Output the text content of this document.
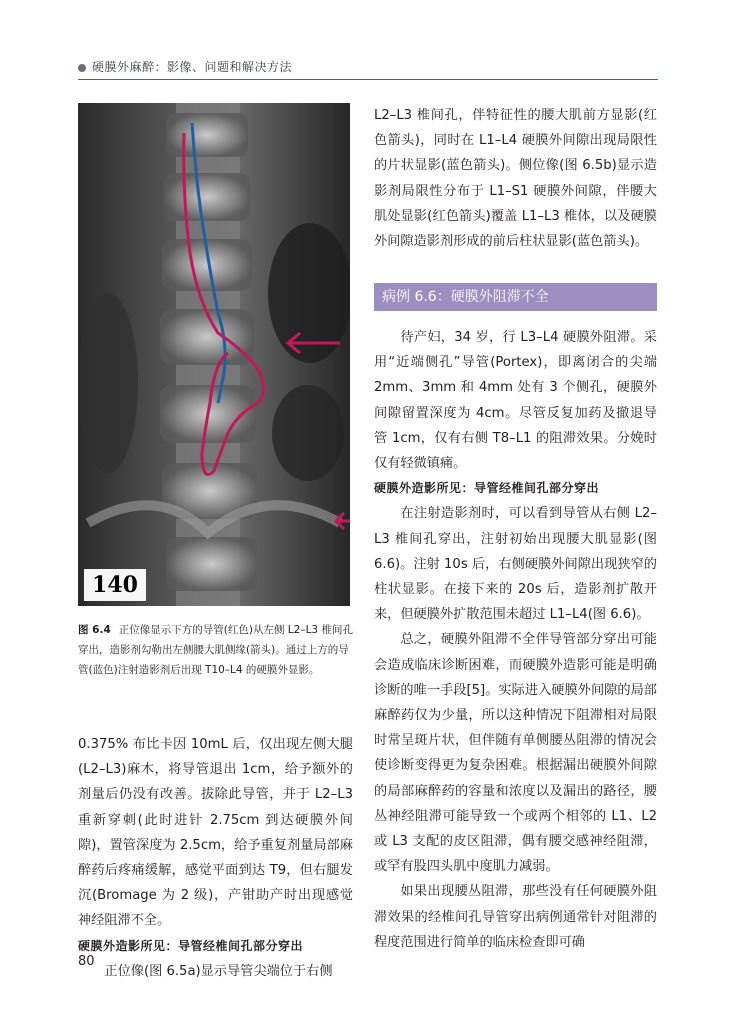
硬膜外麻醉：影像、问题和解决方法
140

图 6.4 正位像显示下方的导管(红色)从左侧 L2–L3 椎间孔穿出，造影剂勾勒出左侧腰大肌侧缘(箭头)。通过上方的导管(蓝色)注射造影剂后出现 T10–L4 的硬膜外显影。

0.375% 布比卡因 10mL 后，仅出现左侧大腿(L2–L3)麻木，将导管退出 1cm，给予额外的剂量后仍没有改善。拔除此导管，并于 L2–L3 重新穿刺(此时进针 2.75cm 到达硬膜外间隙)，置管深度为 2.5cm，给予重复剂量局部麻醉药后疼痛缓解，感觉平面到达 T9，但右腿发沉(Bromage 为 2 级)，产钳助产时出现感觉神经阻滞不全。

硬膜外造影所见：导管经椎间孔部分穿出

正位像(图 6.5a)显示导管尖端位于右侧

L2–L3 椎间孔，伴特征性的腰大肌前方显影(红色箭头)，同时在 L1–L4 硬膜外间隙出现局限性的片状显影(蓝色箭头)。侧位像(图 6.5b)显示造影剂局限性分布于 L1–S1 硬膜外间隙，伴腰大肌处显影(红色箭头)覆盖 L1–L3 椎体，以及硬膜外间隙造影剂形成的前后柱状显影(蓝色箭头)。

病例 6.6：硬膜外阻滞不全

待产妇，34 岁，行 L3–L4 硬膜外阻滞。采用“近端侧孔”导管(Portex)，即离闭合的尖端 2mm、3mm 和 4mm 处有 3 个侧孔，硬膜外间隙留置深度为 4cm。尽管反复加药及撤退导管 1cm，仅有右侧 T8–L1 的阻滞效果。分娩时仅有轻微镇痛。

硬膜外造影所见：导管经椎间孔部分穿出

在注射造影剂时，可以看到导管从右侧 L2–L3 椎间孔穿出，注射初始出现腰大肌显影(图 6.6)。注射 10s 后，右侧硬膜外间隙出现狭窄的柱状显影。在接下来的 20s 后，造影剂扩散开来，但硬膜外扩散范围未超过 L1–L4(图 6.6)。

总之，硬膜外阻滞不全伴导管部分穿出可能会造成临床诊断困难，而硬膜外造影可能是明确诊断的唯一手段[5]。实际进入硬膜外间隙的局部麻醉药仅为少量，所以这种情况下阻滞相对局限时常呈斑片状，但伴随有单侧腰丛阻滞的情况会使诊断变得更为复杂困难。根据漏出硬膜外间隙的局部麻醉药的容量和浓度以及漏出的路径，腰丛神经阻滞可能导致一个或两个相邻的 L1、L2 或 L3 支配的皮区阻滞，偶有腰交感神经阻滞，或罕有股四头肌中度肌力减弱。

如果出现腰丛阻滞，那些没有任何硬膜外阻滞效果的经椎间孔导管穿出病例通常针对阻滞的程度范围进行简单的临床检查即可确

80
